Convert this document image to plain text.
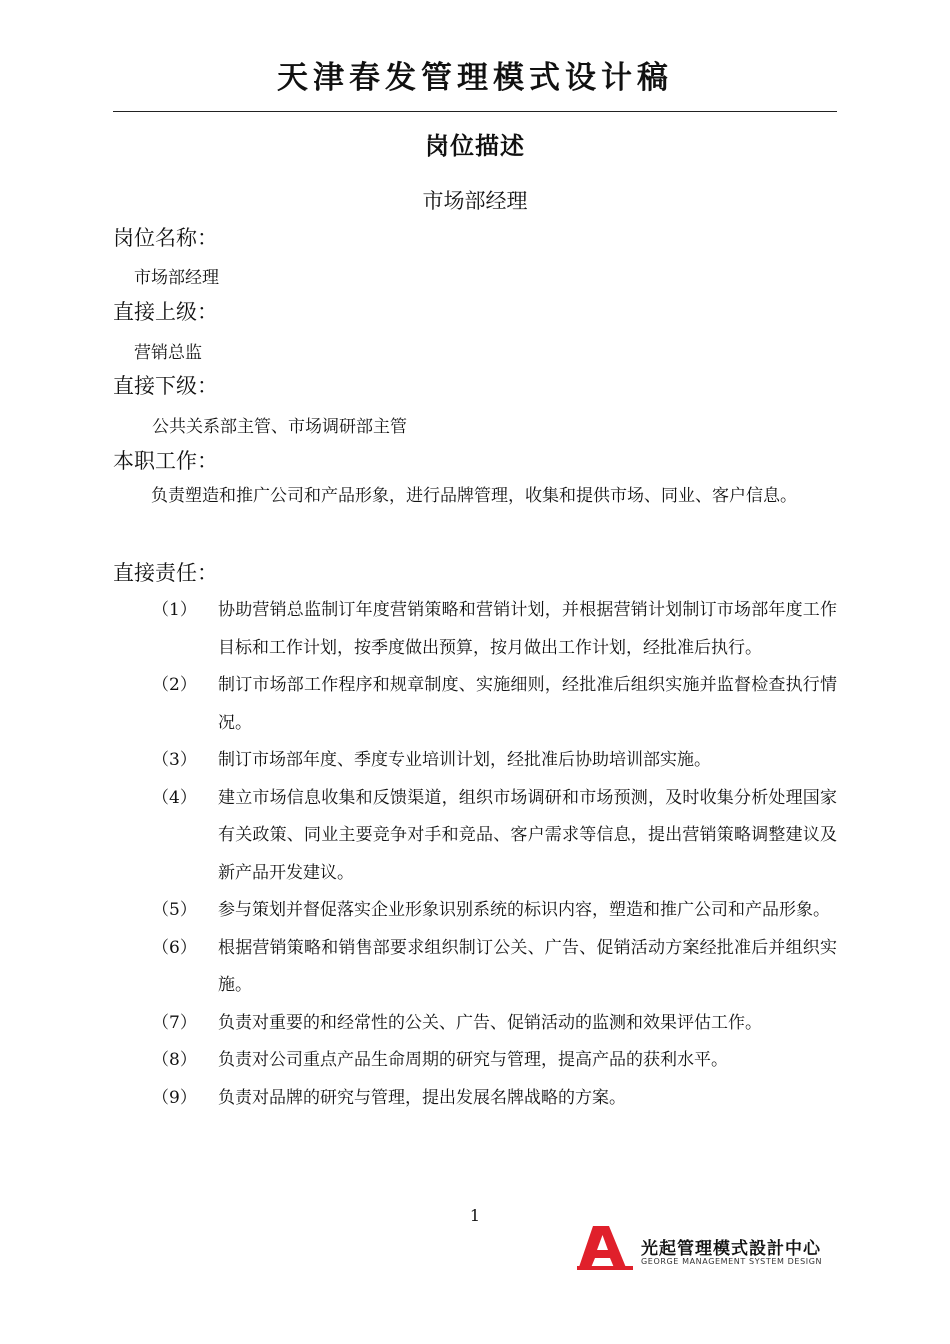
天津春发管理模式设计稿
岗位描述
市场部经理
岗位名称：
市场部经理
直接上级：
营销总监
直接下级：
公共关系部主管、市场调研部主管
本职工作：
负责塑造和推广公司和产品形象，进行品牌管理，收集和提供市场、同业、客户信息。
直接责任：
（1）	协助营销总监制订年度营销策略和营销计划，并根据营销计划制订市场部年度工作目标和工作计划，按季度做出预算，按月做出工作计划，经批准后执行。
（2）	制订市场部工作程序和规章制度、实施细则，经批准后组织实施并监督检查执行情况。
（3）	制订市场部年度、季度专业培训计划，经批准后协助培训部实施。
（4）	建立市场信息收集和反馈渠道，组织市场调研和市场预测，及时收集分析处理国家有关政策、同业主要竞争对手和竞品、客户需求等信息，提出营销策略调整建议及新产品开发建议。
（5）	参与策划并督促落实企业形象识别系统的标识内容，塑造和推广公司和产品形象。
（6）	根据营销策略和销售部要求组织制订公关、广告、促销活动方案经批准后并组织实施。
（7）	负责对重要的和经常性的公关、广告、促销活动的监测和效果评估工作。
（8）	负责对公司重点产品生命周期的研究与管理，提高产品的获利水平。
（9）	负责对品牌的研究与管理，提出发展名牌战略的方案。
1
光起管理模式設計中心
GEORGE MANAGEMENT SYSTEM DESIGN
